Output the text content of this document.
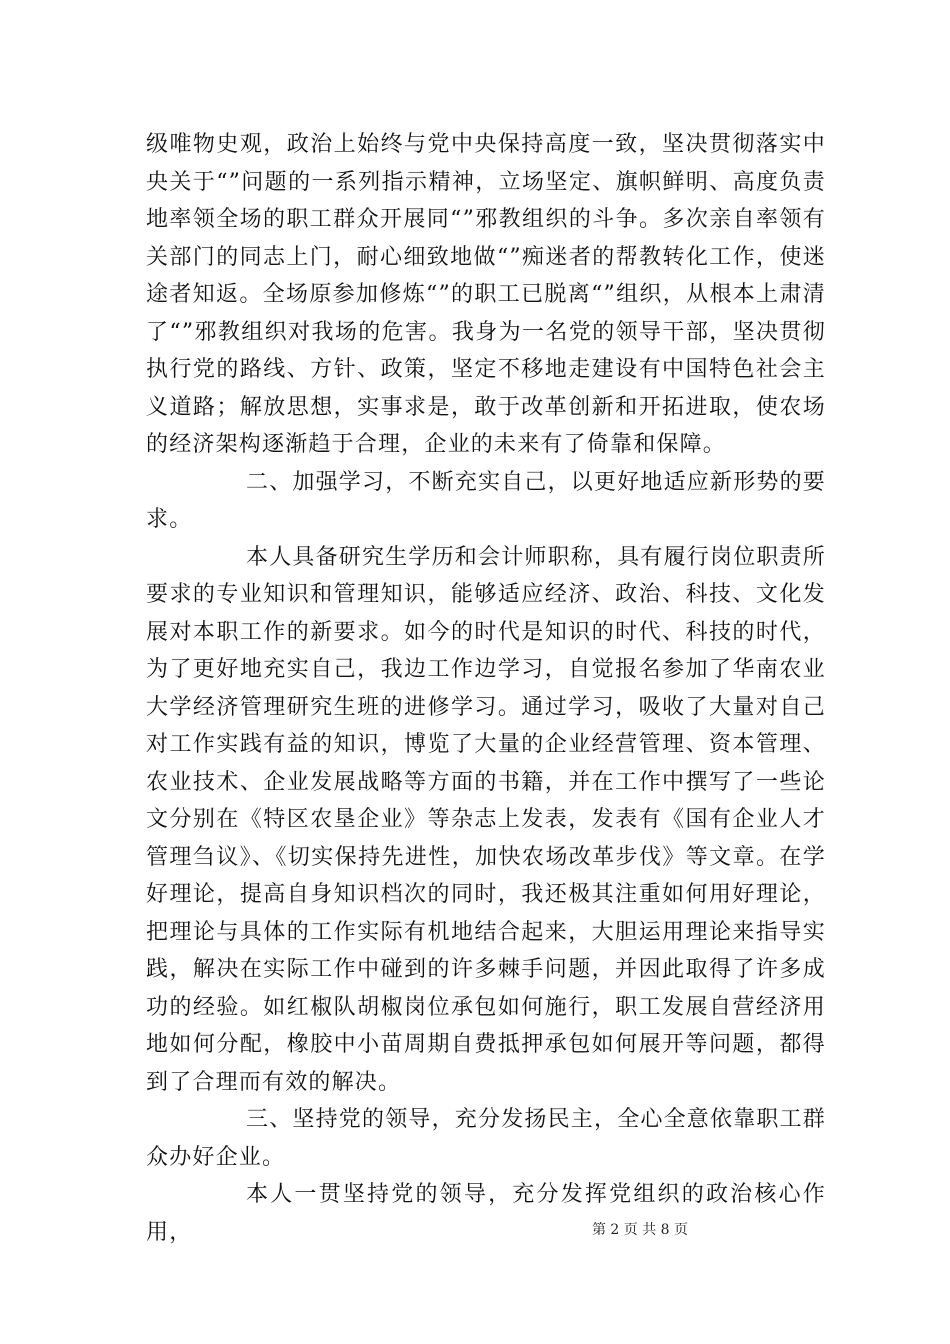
级唯物史观，政治上始终与党中央保持高度一致，坚决贯彻落实中央关于“”问题的一系列指示精神，立场坚定、旗帜鲜明、高度负责地率领全场的职工群众开展同“”邪教组织的斗争。多次亲自率领有关部门的同志上门，耐心细致地做“”痴迷者的帮教转化工作，使迷途者知返。全场原参加修炼“”的职工已脱离“”组织，从根本上肃清了“”邪教组织对我场的危害。我身为一名党的领导干部，坚决贯彻执行党的路线、方针、政策，坚定不移地走建设有中国特色社会主义道路；解放思想，实事求是，敢于改革创新和开拓进取，使农场的经济架构逐渐趋于合理，企业的未来有了倚靠和保障。

二、加强学习，不断充实自己，以更好地适应新形势的要求。

本人具备研究生学历和会计师职称，具有履行岗位职责所要求的专业知识和管理知识，能够适应经济、政治、科技、文化发展对本职工作的新要求。如今的时代是知识的时代、科技的时代，为了更好地充实自己，我边工作边学习，自觉报名参加了华南农业大学经济管理研究生班的进修学习。通过学习，吸收了大量对自己对工作实践有益的知识，博览了大量的企业经营管理、资本管理、农业技术、企业发展战略等方面的书籍，并在工作中撰写了一些论文分别在《特区农垦企业》等杂志上发表，发表有《国有企业人才管理刍议》、《切实保持先进性，加快农场改革步伐》等文章。在学好理论，提高自身知识档次的同时，我还极其注重如何用好理论，把理论与具体的工作实际有机地结合起来，大胆运用理论来指导实践，解决在实际工作中碰到的许多棘手问题，并因此取得了许多成功的经验。如红椒队胡椒岗位承包如何施行，职工发展自营经济用地如何分配，橡胶中小苗周期自费抵押承包如何展开等问题，都得到了合理而有效的解决。

三、坚持党的领导，充分发扬民主，全心全意依靠职工群众办好企业。

本人一贯坚持党的领导，充分发挥党组织的政治核心作用，	第 2 页 共 8 页
